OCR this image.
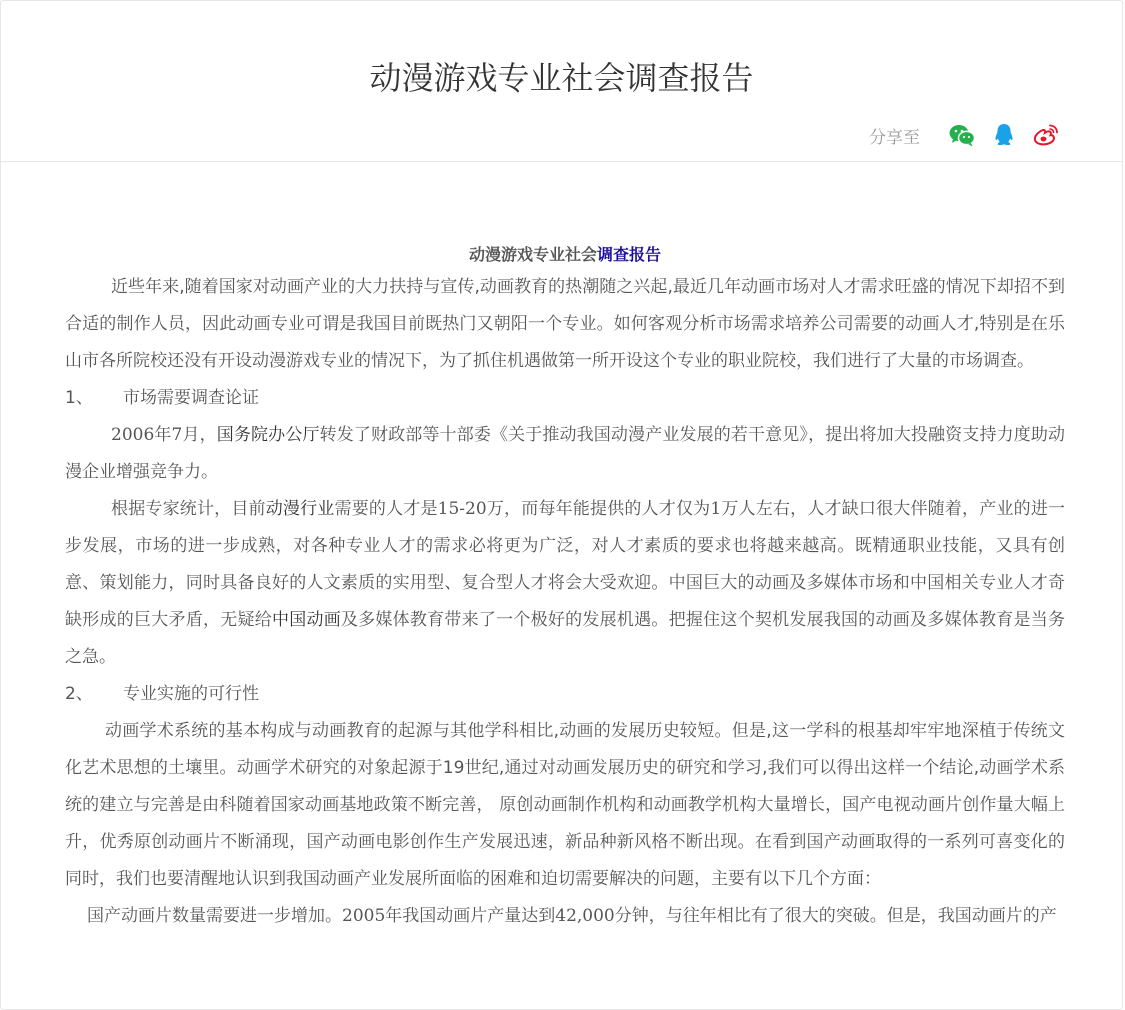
动漫游戏专业社会调查报告
分享至
动漫游戏专业社会调查报告

近些年来,随着国家对动画产业的大力扶持与宣传,动画教育的热潮随之兴起,最近几年动画市场对人才需求旺盛的情况下却招不到合适的制作人员，因此动画专业可谓是我国目前既热门又朝阳一个专业。如何客观分析市场需求培养公司需要的动画人才,特别是在乐山市各所院校还没有开设动漫游戏专业的情况下，为了抓住机遇做第一所开设这个专业的职业院校，我们进行了大量的市场调查。

1、 市场需要调查论证

2006年7月，国务院办公厅转发了财政部等十部委《关于推动我国动漫产业发展的若干意见》，提出将加大投融资支持力度助动漫企业增强竞争力。

根据专家统计，目前动漫行业需要的人才是15-20万，而每年能提供的人才仅为1万人左右，人才缺口很大伴随着，产业的进一步发展，市场的进一步成熟，对各种专业人才的需求必将更为广泛，对人才素质的要求也将越来越高。既精通职业技能，又具有创意、策划能力，同时具备良好的人文素质的实用型、复合型人才将会大受欢迎。中国巨大的动画及多媒体市场和中国相关专业人才奇缺形成的巨大矛盾，无疑给中国动画及多媒体教育带来了一个极好的发展机遇。把握住这个契机发展我国的动画及多媒体教育是当务之急。

2、 专业实施的可行性

动画学术系统的基本构成与动画教育的起源与其他学科相比,动画的发展历史较短。但是,这一学科的根基却牢牢地深植于传统文化艺术思想的土壤里。动画学术研究的对象起源于19世纪,通过对动画发展历史的研究和学习,我们可以得出这样一个结论,动画学术系统的建立与完善是由科随着国家动画基地政策不断完善， 原创动画制作机构和动画教学机构大量增长，国产电视动画片创作量大幅上升，优秀原创动画片不断涌现，国产动画电影创作生产发展迅速，新品种新风格不断出现。在看到国产动画取得的一系列可喜变化的同时，我们也要清醒地认识到我国动画产业发展所面临的困难和迫切需要解决的问题，主要有以下几个方面：

国产动画片数量需要进一步增加。2005年我国动画片产量达到42,000分钟，与往年相比有了很大的突破。但是，我国动画片的产
